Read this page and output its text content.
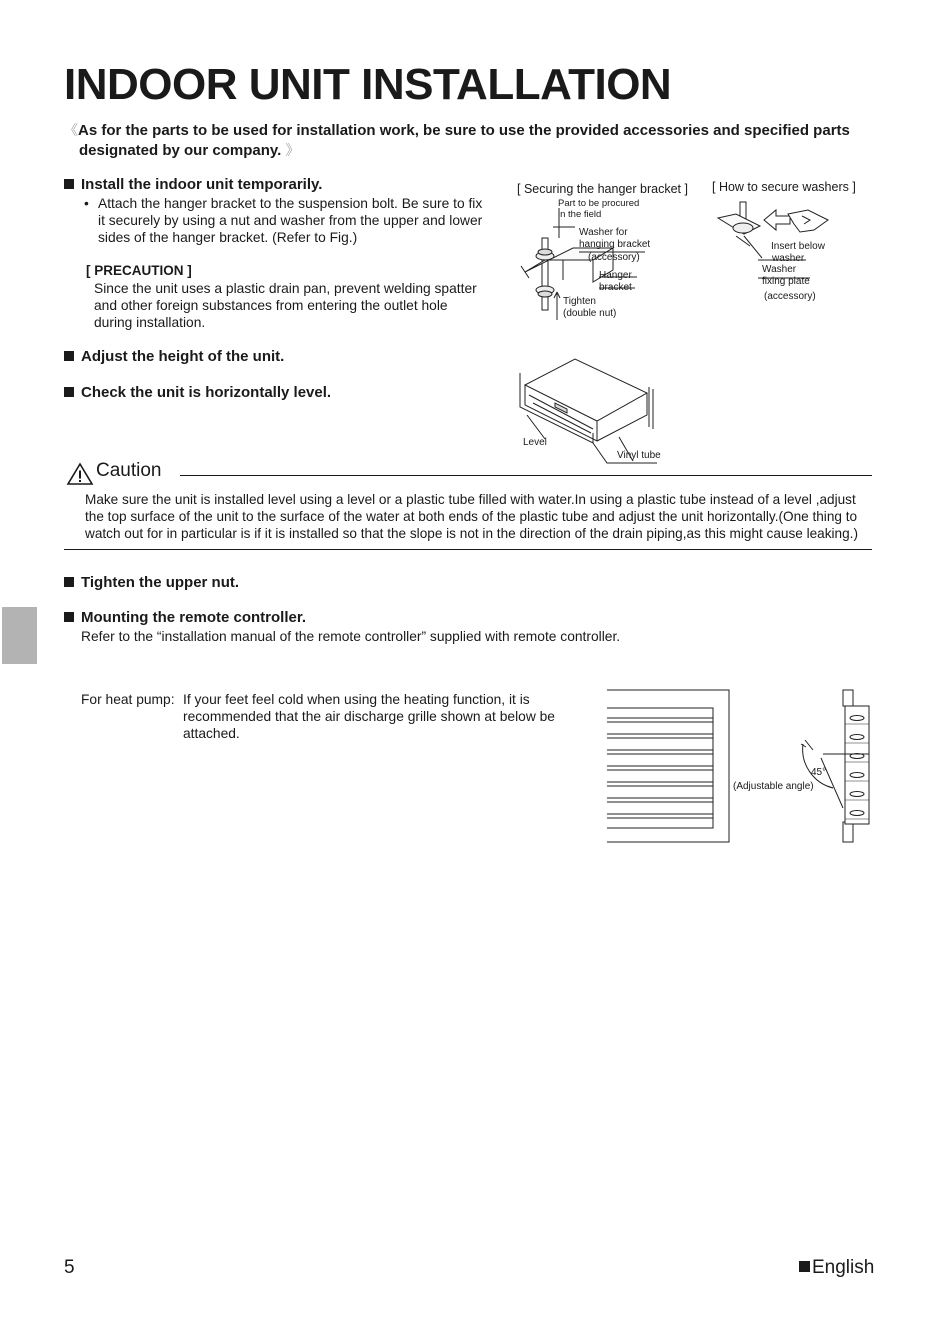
INDOOR UNIT INSTALLATION
《As for the parts to be used for installation work, be sure to use the provided accessories and specified parts
designated by our company. 》
Install the indoor unit temporarily.
• Attach the hanger bracket to the suspension bolt. Be sure to fix
it securely by using a nut and washer from the upper and lower
sides of the hanger bracket. (Refer to Fig.)
[ PRECAUTION ]
Since the unit uses a plastic drain pan, prevent welding spatter
and other foreign substances from entering the outlet hole
during installation.
Adjust the height of the unit.
Check the unit is horizontally level.
[ Securing the hanger bracket ]
Part to be procured
in the field
Washer for
hanging bracket
(accessory)
Hanger
bracket
Tighten
(double nut)
[ How to secure washers ]
Insert below
washer
Washer
fixing plate
(accessory)
Level
Vinyl tube
Caution
Make sure the unit is installed level using a level or a plastic tube filled with water.In using a plastic tube instead of a level ,adjust
the top surface of the unit to the surface of the water at both ends of the plastic tube and adjust the unit horizontally.(One thing to
watch out for in particular is if it is installed so that the slope is not in the direction of the drain piping,as this might cause leaking.)
Tighten the upper nut.
Mounting the remote controller.
Refer to the “installation manual of the remote controller” supplied with remote controller.
For heat pump: If your feet feel cold when using the heating function, it is
recommended that the air discharge grille shown at below be
attached.
45°
(Adjustable angle)
5	English
